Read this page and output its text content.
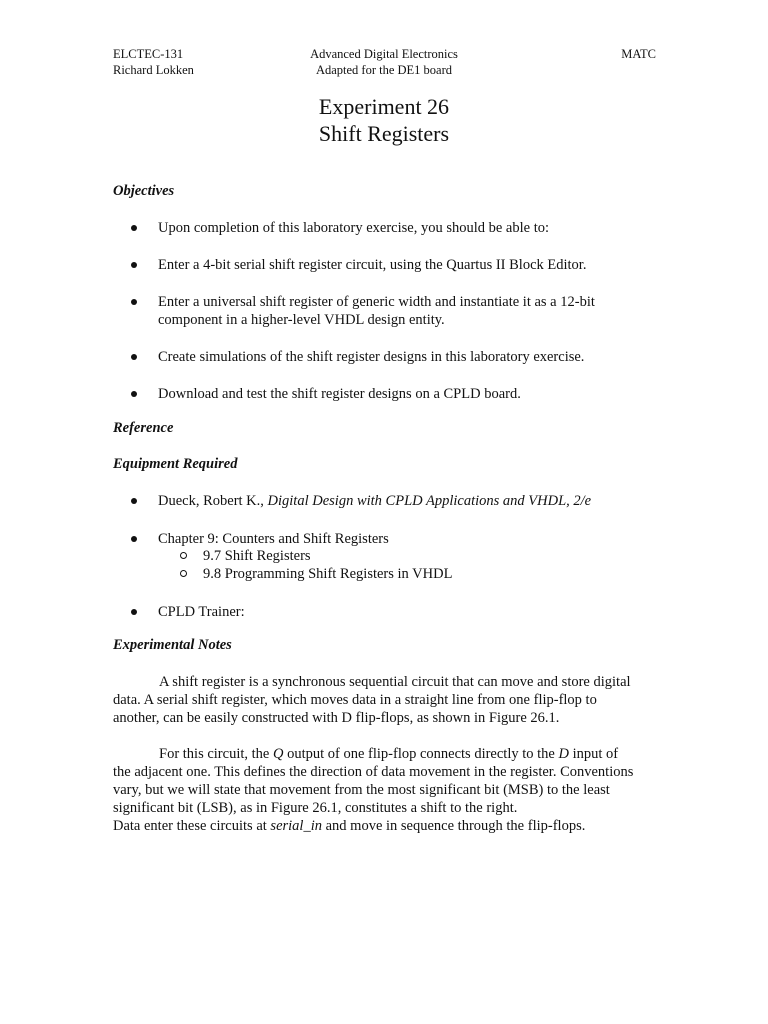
ELCTEC-131
Richard Lokken
Advanced Digital Electronics
Adapted for the DE1 board
MATC
Experiment 26
Shift Registers
Objectives
Upon completion of this laboratory exercise, you should be able to:
Enter a 4-bit serial shift register circuit, using the Quartus II Block Editor.
Enter a universal shift register of generic width and instantiate it as a 12-bit
component in a higher-level VHDL design entity.
Create simulations of the shift register designs in this laboratory exercise.
Download and test the shift register designs on a CPLD board.
Reference
Equipment Required
Dueck, Robert K., Digital Design with CPLD Applications and VHDL, 2/e
Chapter 9: Counters and Shift Registers
9.7 Shift Registers
9.8 Programming Shift Registers in VHDL
CPLD Trainer:
Experimental Notes
A shift register is a synchronous sequential circuit that can move and store digital
data. A serial shift register, which moves data in a straight line from one flip-flop to
another, can be easily constructed with D flip-flops, as shown in Figure 26.1.
For this circuit, the Q output of one flip-flop connects directly to the D input of
the adjacent one. This defines the direction of data movement in the register. Conventions
vary, but we will state that movement from the most significant bit (MSB) to the least
significant bit (LSB), as in Figure 26.1, constitutes a shift to the right.
Data enter these circuits at serial_in and move in sequence through the flip-flops.
